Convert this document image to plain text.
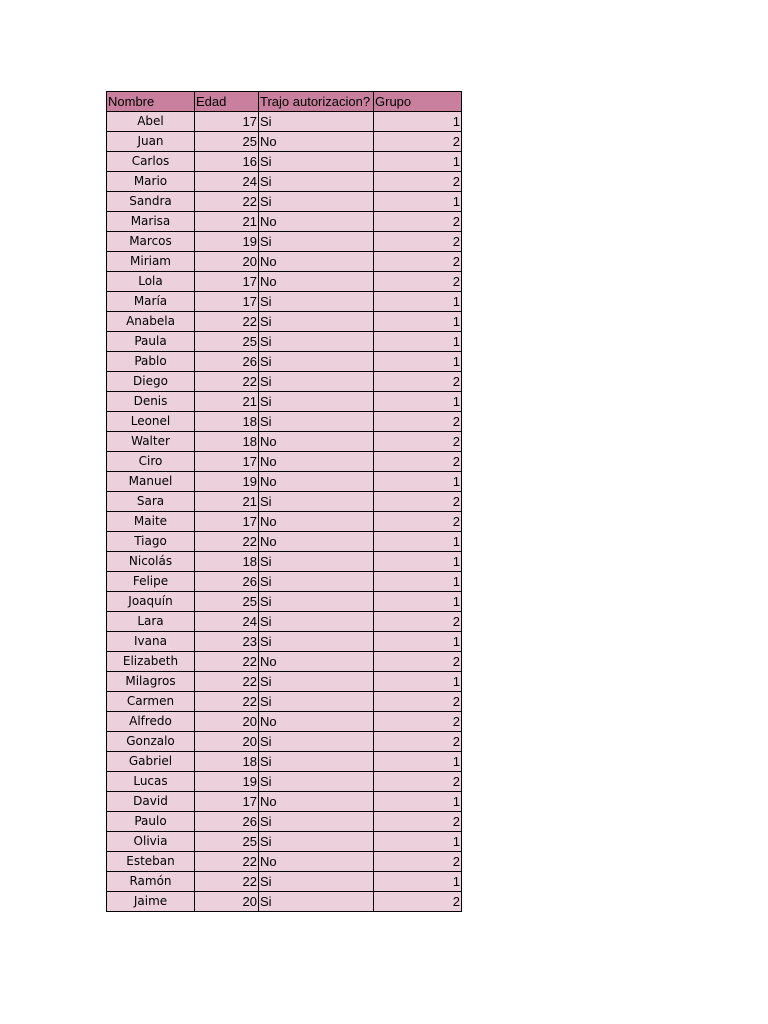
Nombre	Edad	Trajo autorizacion?	Grupo
Abel	17	Si	1
Juan	25	No	2
Carlos	16	Si	1
Mario	24	Si	2
Sandra	22	Si	1
Marisa	21	No	2
Marcos	19	Si	2
Miriam	20	No	2
Lola	17	No	2
María	17	Si	1
Anabela	22	Si	1
Paula	25	Si	1
Pablo	26	Si	1
Diego	22	Si	2
Denis	21	Si	1
Leonel	18	Si	2
Walter	18	No	2
Ciro	17	No	2
Manuel	19	No	1
Sara	21	Si	2
Maite	17	No	2
Tiago	22	No	1
Nicolás	18	Si	1
Felipe	26	Si	1
Joaquín	25	Si	1
Lara	24	Si	2
Ivana	23	Si	1
Elizabeth	22	No	2
Milagros	22	Si	1
Carmen	22	Si	2
Alfredo	20	No	2
Gonzalo	20	Si	2
Gabriel	18	Si	1
Lucas	19	Si	2
David	17	No	1
Paulo	26	Si	2
Olivia	25	Si	1
Esteban	22	No	2
Ramón	22	Si	1
Jaime	20	Si	2
